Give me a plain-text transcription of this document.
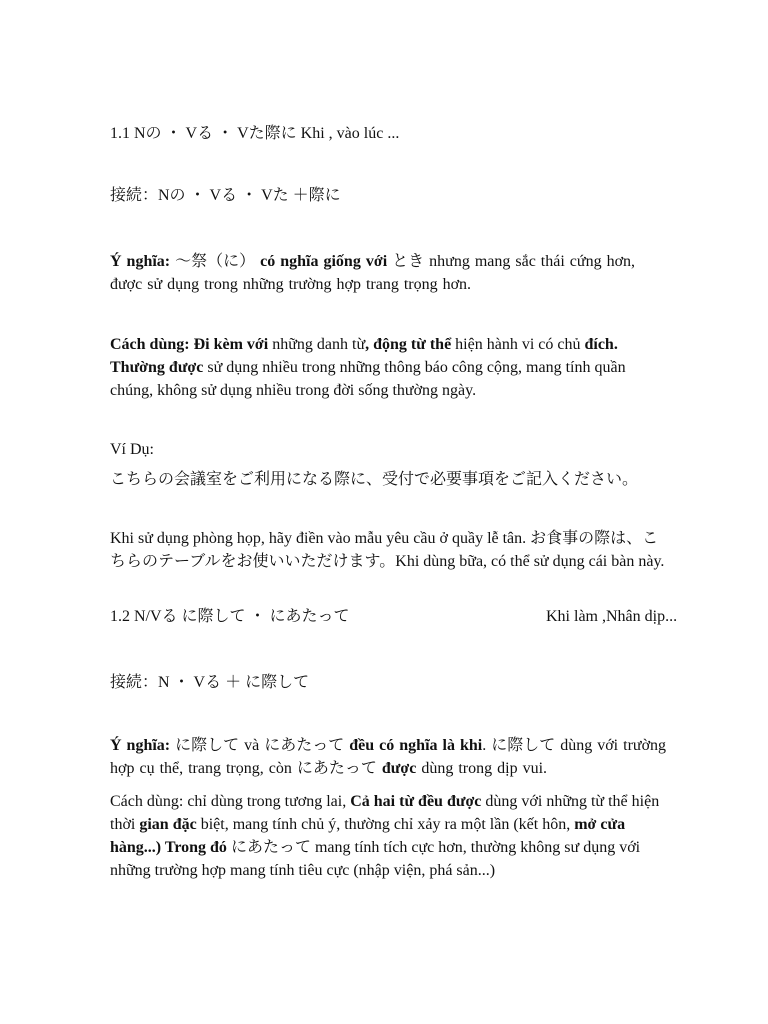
1.1 Nの ・ Vる ・ Vた際に Khi , vào lúc ...

接続：Nの ・ Vる ・ Vた ＋際に

Ý nghĩa: ～祭（に） có nghĩa giống với とき nhưng mang sắc thái cứng hơn, được sử dụng trong những trường hợp trang trọng hơn.

Cách dùng: Đi kèm với những danh từ, động từ thể hiện hành vi có chủ đích. Thường được sử dụng nhiều trong những thông báo công cộng, mang tính quần chúng, không sử dụng nhiều trong đời sống thường ngày.

Ví Dụ:

こちらの会議室をご利用になる際に、受付で必要事項をご記入ください。

Khi sử dụng phòng họp, hãy điền vào mẫu yêu cầu ở quầy lễ tân. お食事の際は、こちらのテーブルをお使いいただけます。Khi dùng bữa, có thể sử dụng cái bàn này.

1.2 N/Vる に際して ・ にあたって	Khi làm ,Nhân dịp...

接続：N ・ Vる ＋ に際して

Ý nghĩa: に際して và にあたって đều có nghĩa là khi. に際して dùng với trường hợp cụ thể, trang trọng, còn にあたって được dùng trong dịp vui.

Cách dùng: chỉ dùng trong tương lai, Cả hai từ đều được dùng với những từ thể hiện thời gian đặc biệt, mang tính chủ ý, thường chỉ xảy ra một lần (kết hôn, mở cửa hàng...) Trong đó にあたって mang tính tích cực hơn, thường không sư dụng với những trường hợp mang tính tiêu cực (nhập viện, phá sản...)
